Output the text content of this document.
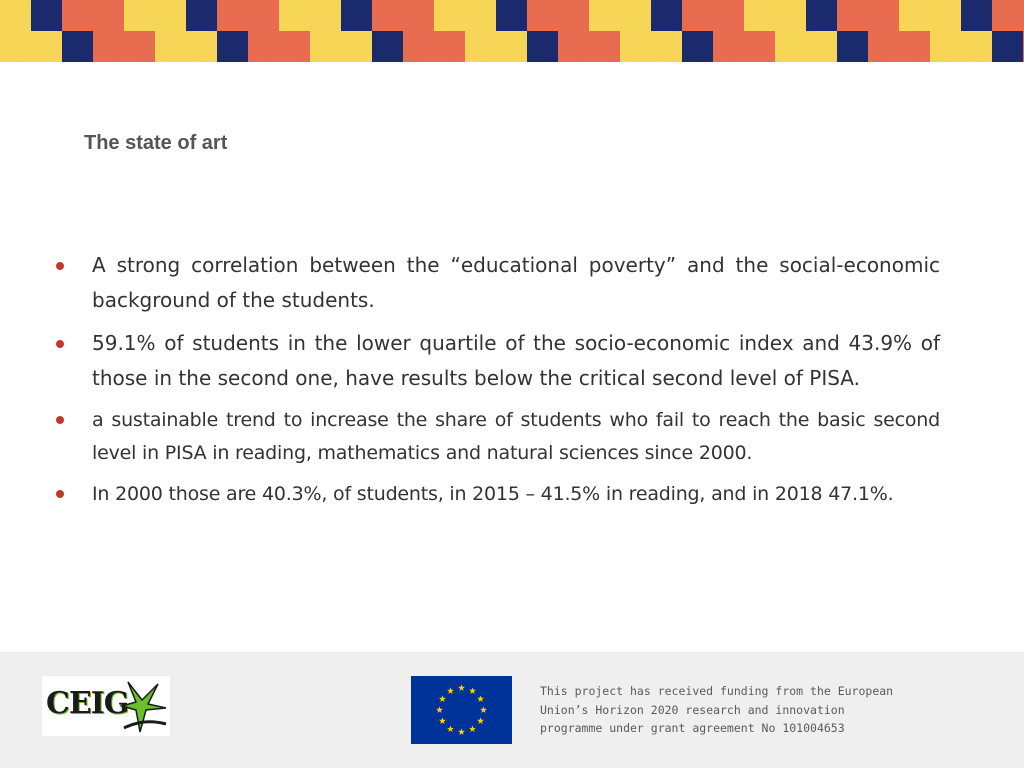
The state of art
A strong correlation between the “educational poverty” and the social-economic background of the students.
59.1% of students in the lower quartile of the socio-economic index and 43.9% of those in the second one, have results below the critical second level of PISA.
a sustainable trend to increase the share of students who fail to reach the basic second level in PISA in reading, mathematics and natural sciences since 2000.
In 2000 those are 40.3%, of students, in 2015 – 41.5% in reading, and in 2018 47.1%.
CEIG	This project has received funding from the European
Union’s Horizon 2020 research and innovation
programme under grant agreement No 101004653
